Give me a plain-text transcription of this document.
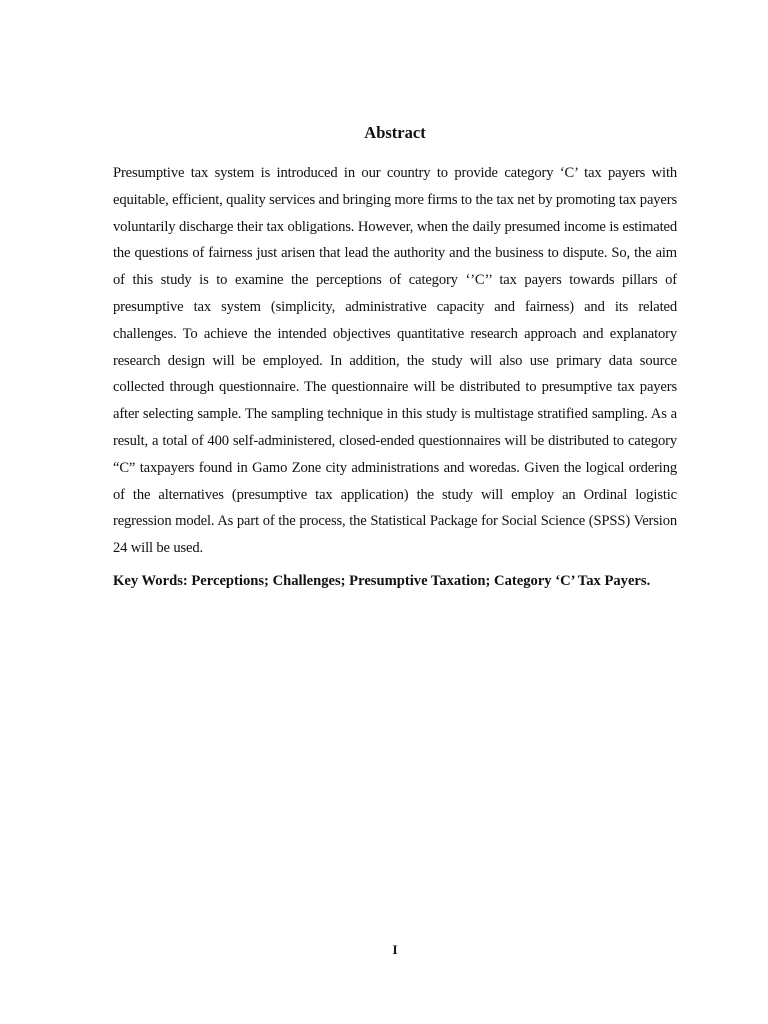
Abstract

Presumptive tax system is introduced in our country to provide category ‘C’ tax payers with equitable, efficient, quality services and bringing more firms to the tax net by promoting tax payers voluntarily discharge their tax obligations. However, when the daily presumed income is estimated the questions of fairness just arisen that lead the authority and the business to dispute. So, the aim of this study is to examine the perceptions of category ‘’C’’ tax payers towards pillars of presumptive tax system (simplicity, administrative capacity and fairness) and its related challenges. To achieve the intended objectives quantitative research approach and explanatory research design will be employed. In addition, the study will also use primary data source collected through questionnaire. The questionnaire will be distributed to presumptive tax payers after selecting sample. The sampling technique in this study is multistage stratified sampling. As a result, a total of 400 self-administered, closed-ended questionnaires will be distributed to category “C” taxpayers found in Gamo Zone city administrations and woredas. Given the logical ordering of the alternatives (presumptive tax application) the study will employ an Ordinal logistic regression model. As part of the process, the Statistical Package for Social Science (SPSS) Version 24 will be used.

Key Words: Perceptions; Challenges; Presumptive Taxation; Category ‘C’ Tax Payers.

I
